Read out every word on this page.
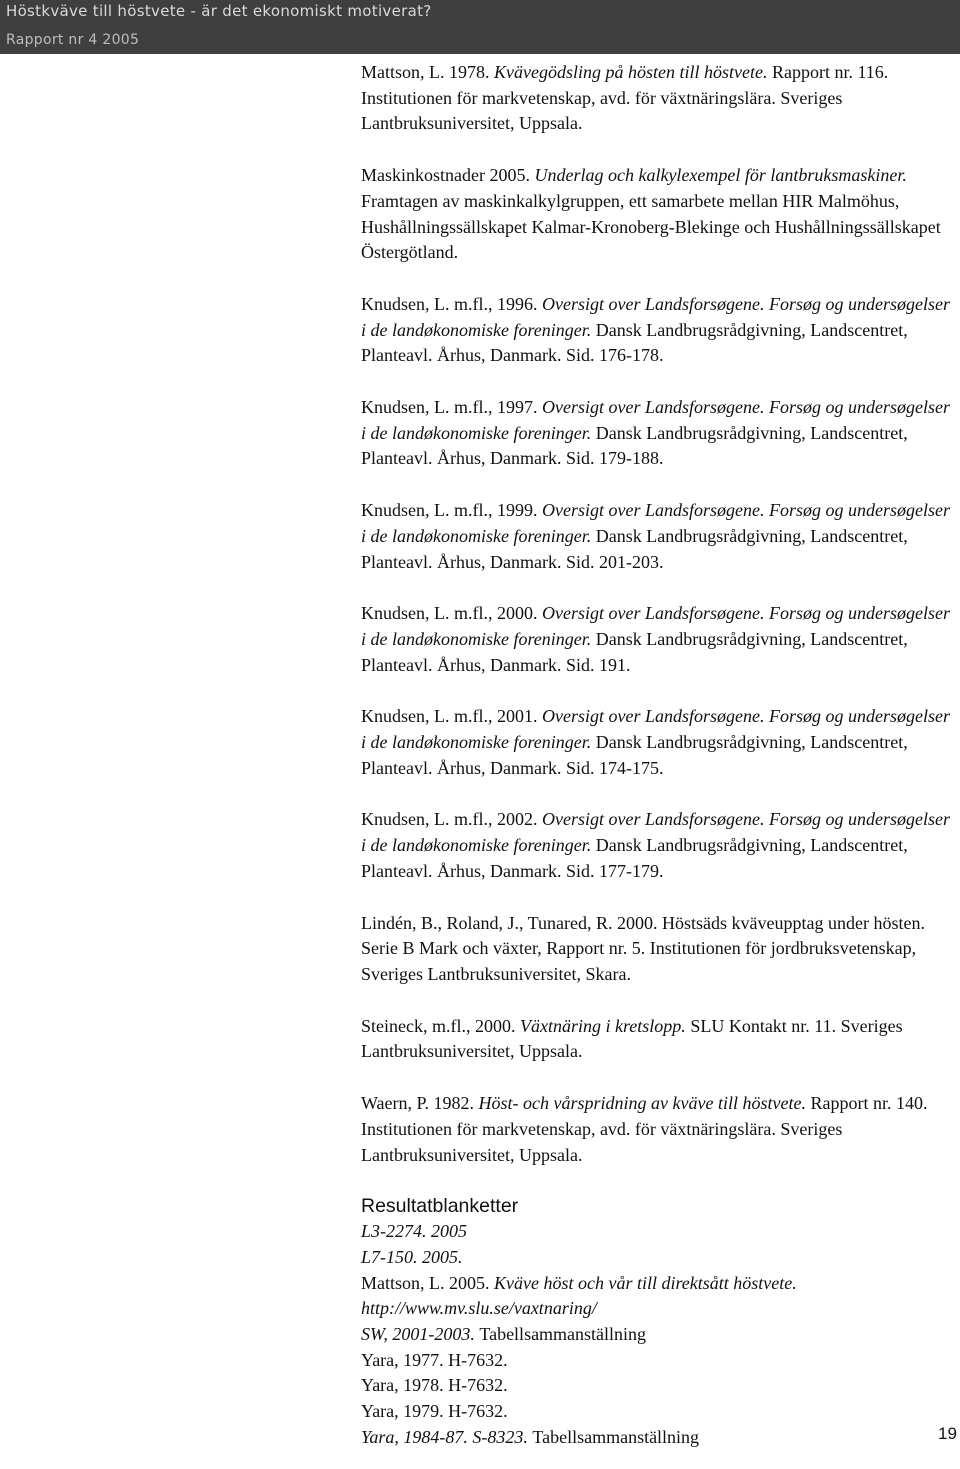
Höstkväve till höstvete - är det ekonomiskt motiverat?
Rapport nr 4 2005

Mattson, L. 1978. Kvävegödsling på hösten till höstvete. Rapport nr. 116. Institutionen för markvetenskap, avd. för växtnäringslära. Sveriges Lantbruksuniversitet, Uppsala.

Maskinkostnader 2005. Underlag och kalkylexempel för lantbruksmaskiner. Framtagen av maskinkalkylgruppen, ett samarbete mellan HIR Malmöhus, Hushållningssällskapet Kalmar-Kronoberg-Blekinge och Hushållningssällskapet Östergötland.

Knudsen, L. m.fl., 1996. Oversigt over Landsforsøgene. Forsøg og undersøgelser i de landøkonomiske foreninger. Dansk Landbrugsrådgivning, Landscentret, Planteavl. Århus, Danmark. Sid. 176-178.

Knudsen, L. m.fl., 1997. Oversigt over Landsforsøgene. Forsøg og undersøgelser i de landøkonomiske foreninger. Dansk Landbrugsrådgivning, Landscentret, Planteavl. Århus, Danmark. Sid. 179-188.

Knudsen, L. m.fl., 1999. Oversigt over Landsforsøgene. Forsøg og undersøgelser i de landøkonomiske foreninger. Dansk Landbrugsrådgivning, Landscentret, Planteavl. Århus, Danmark. Sid. 201-203.

Knudsen, L. m.fl., 2000. Oversigt over Landsforsøgene. Forsøg og undersøgelser i de landøkonomiske foreninger. Dansk Landbrugsrådgivning, Landscentret, Planteavl. Århus, Danmark. Sid. 191.

Knudsen, L. m.fl., 2001. Oversigt over Landsforsøgene. Forsøg og undersøgelser i de landøkonomiske foreninger. Dansk Landbrugsrådgivning, Landscentret, Planteavl. Århus, Danmark. Sid. 174-175.

Knudsen, L. m.fl., 2002. Oversigt over Landsforsøgene. Forsøg og undersøgelser i de landøkonomiske foreninger. Dansk Landbrugsrådgivning, Landscentret, Planteavl. Århus, Danmark. Sid. 177-179.

Lindén, B., Roland, J., Tunared, R. 2000. Höstsäds kväveupptag under hösten. Serie B Mark och växter, Rapport nr. 5. Institutionen för jordbruksvetenskap, Sveriges Lantbruksuniversitet, Skara.

Steineck, m.fl., 2000. Växtnäring i kretslopp. SLU Kontakt nr. 11. Sveriges Lantbruksuniversitet, Uppsala.

Waern, P. 1982. Höst- och vårspridning av kväve till höstvete. Rapport nr. 140. Institutionen för markvetenskap, avd. för växtnäringslära. Sveriges Lantbruksuniversitet, Uppsala.

Resultatblanketter
L3-2274. 2005
L7-150. 2005.
Mattson, L. 2005. Kväve höst och vår till direktsått höstvete.
http://www.mv.slu.se/vaxtnaring/
SW, 2001-2003. Tabellsammanställning
Yara, 1977. H-7632.
Yara, 1978. H-7632.
Yara, 1979. H-7632.
Yara, 1984-87. S-8323. Tabellsammanställning	19
